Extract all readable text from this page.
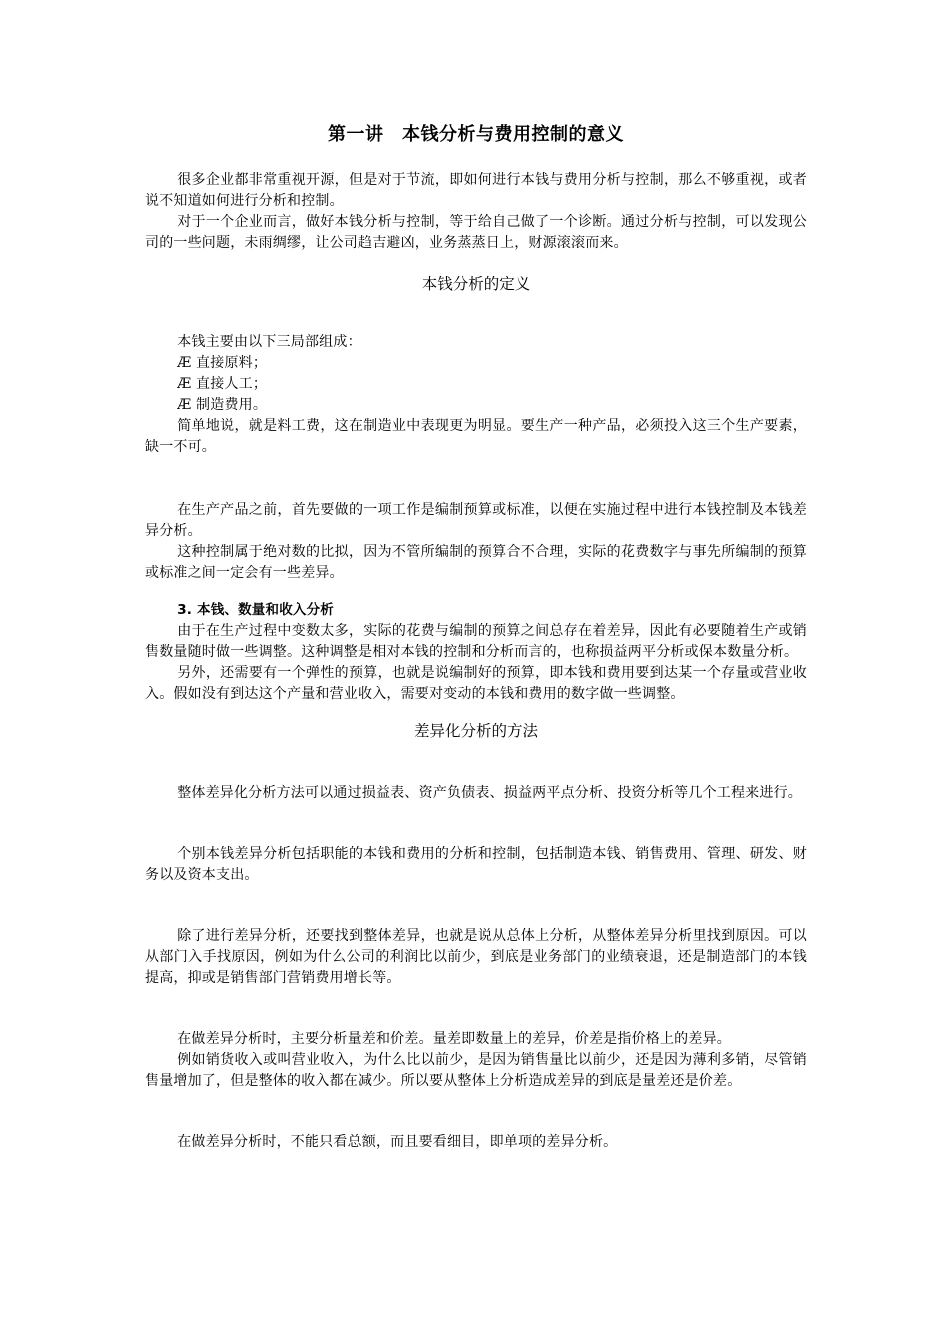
第一讲　本钱分析与费用控制的意义

很多企业都非常重视开源，但是对于节流，即如何进行本钱与费用分析与控制，那么不够重视，或者说不知道如何进行分析和控制。

对于一个企业而言，做好本钱分析与控制，等于给自己做了一个诊断。通过分析与控制，可以发现公司的一些问题，未雨绸缪，让公司趋吉避凶，业务蒸蒸日上，财源滚滚而来。

本钱分析的定义

本钱主要由以下三局部组成：

Æ 直接原料；

Æ 直接人工；

Æ 制造费用。

简单地说，就是料工费，这在制造业中表现更为明显。要生产一种产品，必须投入这三个生产要素，缺一不可。

在生产产品之前，首先要做的一项工作是编制预算或标准，以便在实施过程中进行本钱控制及本钱差异分析。

这种控制属于绝对数的比拟，因为不管所编制的预算合不合理，实际的花费数字与事先所编制的预算或标准之间一定会有一些差异。

3. 本钱、数量和收入分析

由于在生产过程中变数太多，实际的花费与编制的预算之间总存在着差异，因此有必要随着生产或销售数量随时做一些调整。这种调整是相对本钱的控制和分析而言的，也称损益两平分析或保本数量分析。

另外，还需要有一个弹性的预算，也就是说编制好的预算，即本钱和费用要到达某一个存量或营业收入。假如没有到达这个产量和营业收入，需要对变动的本钱和费用的数字做一些调整。

差异化分析的方法

整体差异化分析方法可以通过损益表、资产负债表、损益两平点分析、投资分析等几个工程来进行。

个别本钱差异分析包括职能的本钱和费用的分析和控制，包括制造本钱、销售费用、管理、研发、财务以及资本支出。

除了进行差异分析，还要找到整体差异，也就是说从总体上分析，从整体差异分析里找到原因。可以从部门入手找原因，例如为什么公司的利润比以前少，到底是业务部门的业绩衰退，还是制造部门的本钱提高，抑或是销售部门营销费用增长等。

在做差异分析时，主要分析量差和价差。量差即数量上的差异，价差是指价格上的差异。

例如销货收入或叫营业收入，为什么比以前少，是因为销售量比以前少，还是因为薄利多销，尽管销售量增加了，但是整体的收入都在减少。所以要从整体上分析造成差异的到底是量差还是价差。

在做差异分析时，不能只看总额，而且要看细目，即单项的差异分析。
